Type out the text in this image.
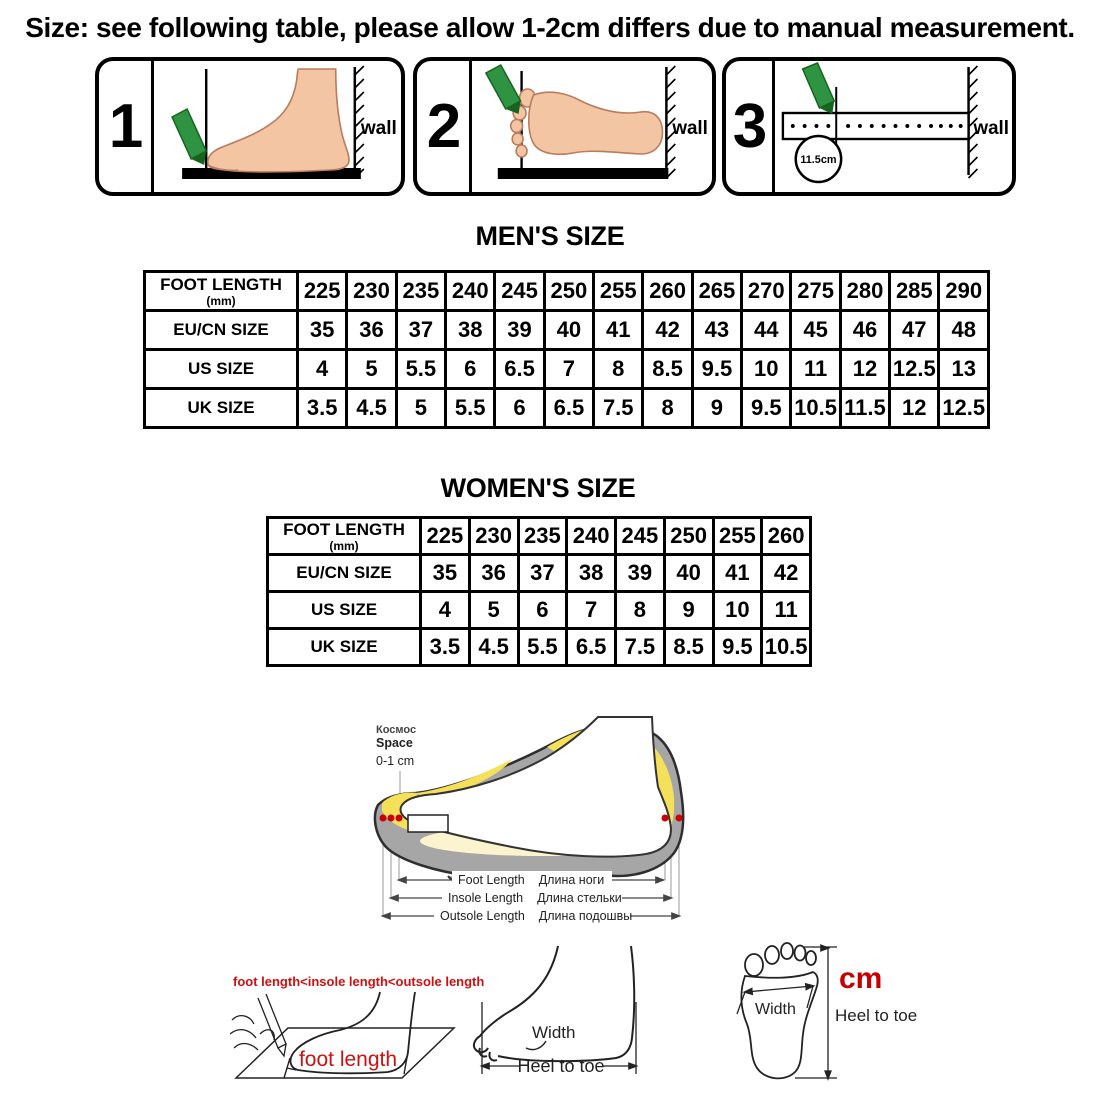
Size: see following table, please allow 1-2cm differs due to manual measurement.
1	wall 2	wall 3	11.5cm
wall
MEN'S SIZE
FOOT LENGTH
(mm)	225	230	235	240	245	250	255	260	265	270	275	280	285	290

EU/CN SIZE	35	36	37	38	39	40	41	42	43	44	45	46	47	48

US SIZE	4	5	5.5	6	6.5	7	8	8.5	9.5	10	11	12	12.5	13

UK SIZE	3.5	4.5	5	5.5	6	6.5	7.5	8	9	9.5	10.5	11.5	12	12.5
WOMEN'S SIZE
FOOT LENGTH
(mm)	225	230	235	240	245	250	255	260

EU/CN SIZE	35	36	37	38	39	40	41	42

US SIZE	4	5	6	7	8	9	10	11

UK SIZE	3.5	4.5	5.5	6.5	7.5	8.5	9.5	10.5
Космос
Space
0-1 cm
Foot Length Длина ноги
Insole Length Длина стельки
Outsole Length Длина подошвы
foot length<insole length<outsole length
foot length
Width
Heel to toe
Width
cm
Heel to toe
